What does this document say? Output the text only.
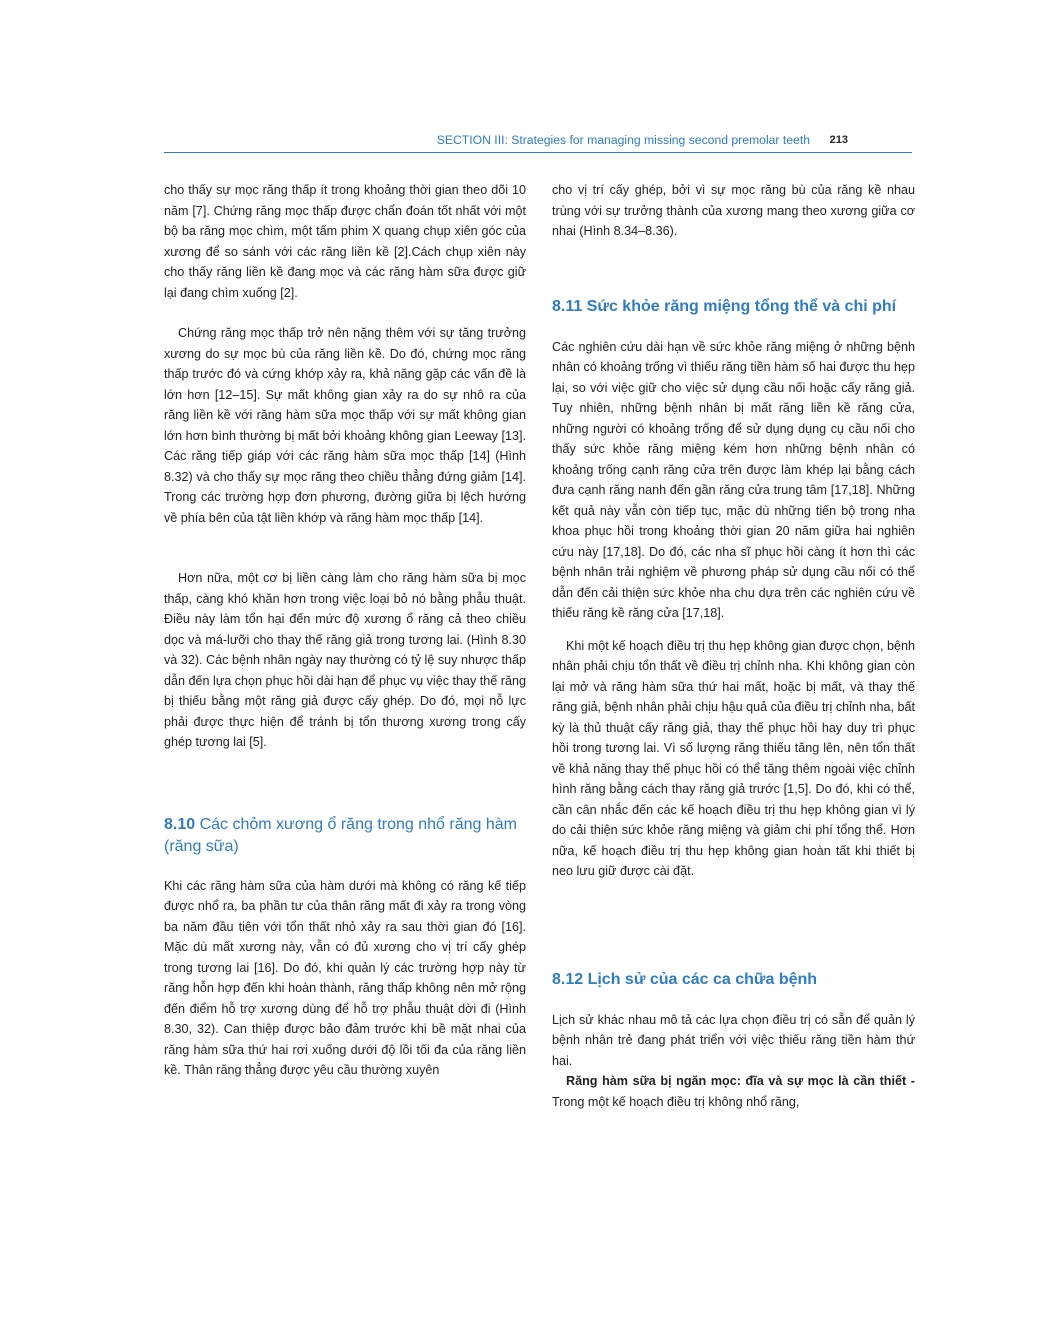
SECTION III: Strategies for managing missing second premolar teeth 213

cho thấy sự mọc răng thấp ít trong khoảng thời gian theo dõi 10 năm [7]. Chứng răng mọc thấp được chẩn đoán tốt nhất với một bộ ba răng mọc chìm, một tấm phim X quang chụp xiên góc của xương để so sánh với các răng liền kề [2].Cách chụp xiên này cho thấy răng liền kề đang mọc và các răng hàm sữa được giữ lại đang chìm xuống [2].

Chứng răng mọc thấp trở nên nặng thêm với sự tăng trưởng xương do sự mọc bù của răng liền kề. Do đó, chứng mọc răng thấp trước đó và cứng khớp xảy ra, khả năng gặp các vấn đề là lớn hơn [12–15]. Sự mất không gian xảy ra do sự nhô ra của răng liền kề với răng hàm sữa mọc thấp với sự mất không gian lớn hơn bình thường bị mất bởi khoảng không gian Leeway [13]. Các răng tiếp giáp với các răng hàm sữa mọc thấp [14] (Hình 8.32) và cho thấy sự mọc răng theo chiều thẳng đứng giảm [14]. Trong các trường hợp đơn phương, đường giữa bị lệch hướng về phía bên của tật liền khớp và răng hàm mọc thấp [14].

Hơn nữa, một cơ bị liền càng làm cho răng hàm sữa bị mọc thấp, càng khó khăn hơn trong việc loại bỏ nó bằng phẫu thuật. Điều này làm tổn hại đến mức độ xương ổ răng cả theo chiều dọc và má-lưỡi cho thay thế răng giả trong tương lai. (Hình 8.30 và 32). Các bệnh nhân ngày nay thường có tỷ lệ suy nhược thấp dẫn đến lựa chọn phục hồi dài hạn để phục vụ việc thay thế răng bị thiếu bằng một răng giả được cấy ghép. Do đó, mọi nỗ lực phải được thực hiện để tránh bị tổn thương xương trong cấy ghép tương lai [5].

8.10 Các chỏm xương ổ răng trong nhổ răng hàm (răng sữa)

Khi các răng hàm sữa của hàm dưới mà không có răng kế tiếp được nhổ ra, ba phần tư của thân răng mất đi xảy ra trong vòng ba năm đầu tiên với tổn thất nhỏ xảy ra sau thời gian đó [16]. Mặc dù mất xương này, vẫn có đủ xương cho vị trí cấy ghép trong tương lai [16]. Do đó, khi quản lý các trường hợp này từ răng hỗn hợp đến khi hoàn thành, răng thấp không nên mở rộng đến điểm hỗ trợ xương dùng để hỗ trợ phẫu thuật dời đi (Hình 8.30, 32). Can thiệp được bảo đảm trước khi bề mặt nhai của răng hàm sữa thứ hai rơi xuống dưới độ lồi tối đa của răng liền kề. Thân răng thẳng được yêu cầu thường xuyên

cho vị trí cấy ghép, bởi vì sự mọc răng bù của răng kề nhau trùng với sự trưởng thành của xương mang theo xương giữa cơ nhai (Hình 8.34–8.36).

8.11 Sức khỏe răng miệng tổng thể và chi phí

Các nghiên cứu dài hạn về sức khỏe răng miệng ở những bệnh nhân có khoảng trống vì thiếu răng tiền hàm số hai được thu hẹp lại, so với việc giữ cho việc sử dụng cầu nối hoặc cấy răng giả. Tuy nhiên, những bệnh nhân bị mất răng liền kề răng cửa, những người có khoảng trống để sử dụng dụng cụ cầu nối cho thấy sức khỏe răng miệng kém hơn những bệnh nhân có khoảng trống cạnh răng cửa trên được làm khép lại bằng cách đưa cạnh răng nanh đến gần răng cửa trung tâm [17,18]. Những kết quả này vẫn còn tiếp tục, mặc dù những tiến bộ trong nha khoa phục hồi trong khoảng thời gian 20 năm giữa hai nghiên cứu này [17,18]. Do đó, các nha sĩ phục hồi càng ít hơn thì các bệnh nhân trải nghiệm về phương pháp sử dụng cầu nối có thể dẫn đến cải thiện sức khỏe nha chu dựa trên các nghiên cứu về thiếu răng kề răng cửa [17,18].

Khi một kế hoạch điều trị thu hẹp không gian được chọn, bệnh nhân phải chịu tổn thất về điều trị chỉnh nha. Khi không gian còn lại mở và răng hàm sữa thứ hai mất, hoặc bị mất, và thay thế răng giả, bệnh nhân phải chịu hậu quả của điều trị chỉnh nha, bất kỳ là thủ thuật cấy răng giả, thay thế phục hồi hay duy trì phục hồi trong tương lai. Vì số lượng răng thiếu tăng lên, nên tổn thất về khả năng thay thế phục hồi có thể tăng thêm ngoài việc chỉnh hình răng bằng cách thay răng giả trước [1,5]. Do đó, khi có thể, cần cân nhắc đến các kế hoạch điều trị thu hẹp không gian vì lý do cải thiện sức khỏe răng miệng và giảm chi phí tổng thể. Hơn nữa, kế hoạch điều trị thu hẹp không gian hoàn tất khi thiết bị neo lưu giữ được cài đặt.

8.12 Lịch sử của các ca chữa bệnh

Lịch sử khác nhau mô tả các lựa chọn điều trị có sẵn để quản lý bệnh nhân trẻ đang phát triển với việc thiếu răng tiền hàm thứ hai.

Răng hàm sữa bị ngăn mọc: đĩa và sự mọc là cần thiết - Trong một kế hoạch điều trị không nhổ răng,
